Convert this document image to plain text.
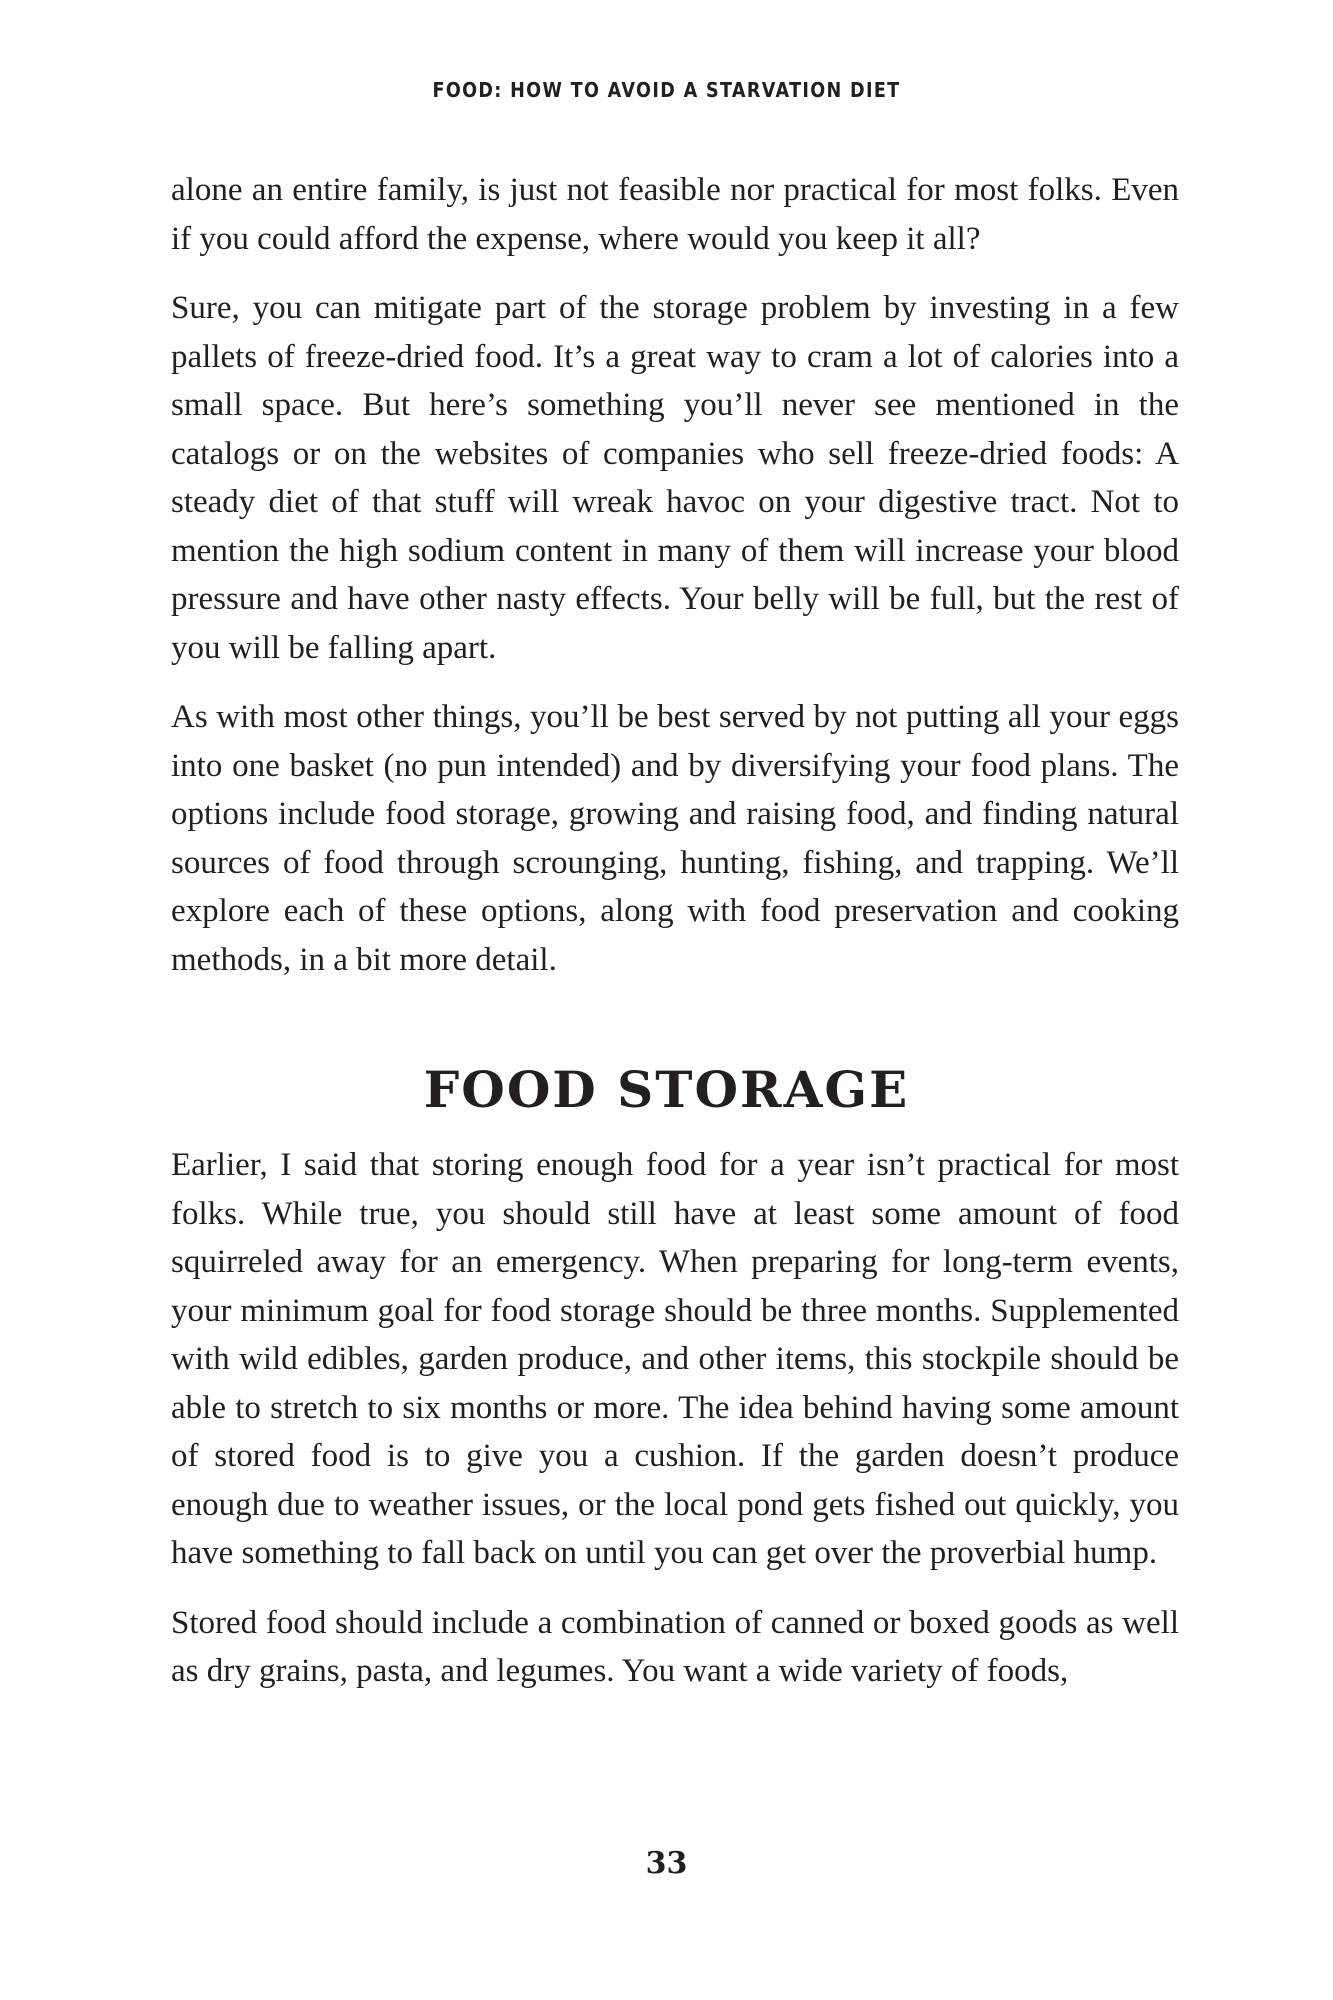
FOOD: HOW TO AVOID A STARVATION DIET

alone an entire family, is just not feasible nor practical for most folks. Even if you could afford the expense, where would you keep it all?

Sure, you can mitigate part of the storage problem by investing in a few pallets of freeze-dried food. It’s a great way to cram a lot of calories into a small space. But here’s something you’ll never see mentioned in the catalogs or on the websites of companies who sell freeze-dried foods: A steady diet of that stuff will wreak havoc on your digestive tract. Not to mention the high sodium content in many of them will increase your blood pressure and have other nasty effects. Your belly will be full, but the rest of you will be falling apart.

As with most other things, you’ll be best served by not putting all your eggs into one basket (no pun intended) and by diversifying your food plans. The options include food storage, growing and raising food, and finding natural sources of food through scrounging, hunting, fishing, and trapping. We’ll explore each of these options, along with food preservation and cooking methods, in a bit more detail.

FOOD STORAGE

Earlier, I said that storing enough food for a year isn’t practical for most folks. While true, you should still have at least some amount of food squirreled away for an emergency. When preparing for long-term events, your minimum goal for food storage should be three months. Supplemented with wild edibles, garden produce, and other items, this stockpile should be able to stretch to six months or more. The idea behind having some amount of stored food is to give you a cushion. If the garden doesn’t produce enough due to weather issues, or the local pond gets fished out quickly, you have something to fall back on until you can get over the proverbial hump.

Stored food should include a combination of canned or boxed goods as well as dry grains, pasta, and legumes. You want a wide variety of foods,

33
